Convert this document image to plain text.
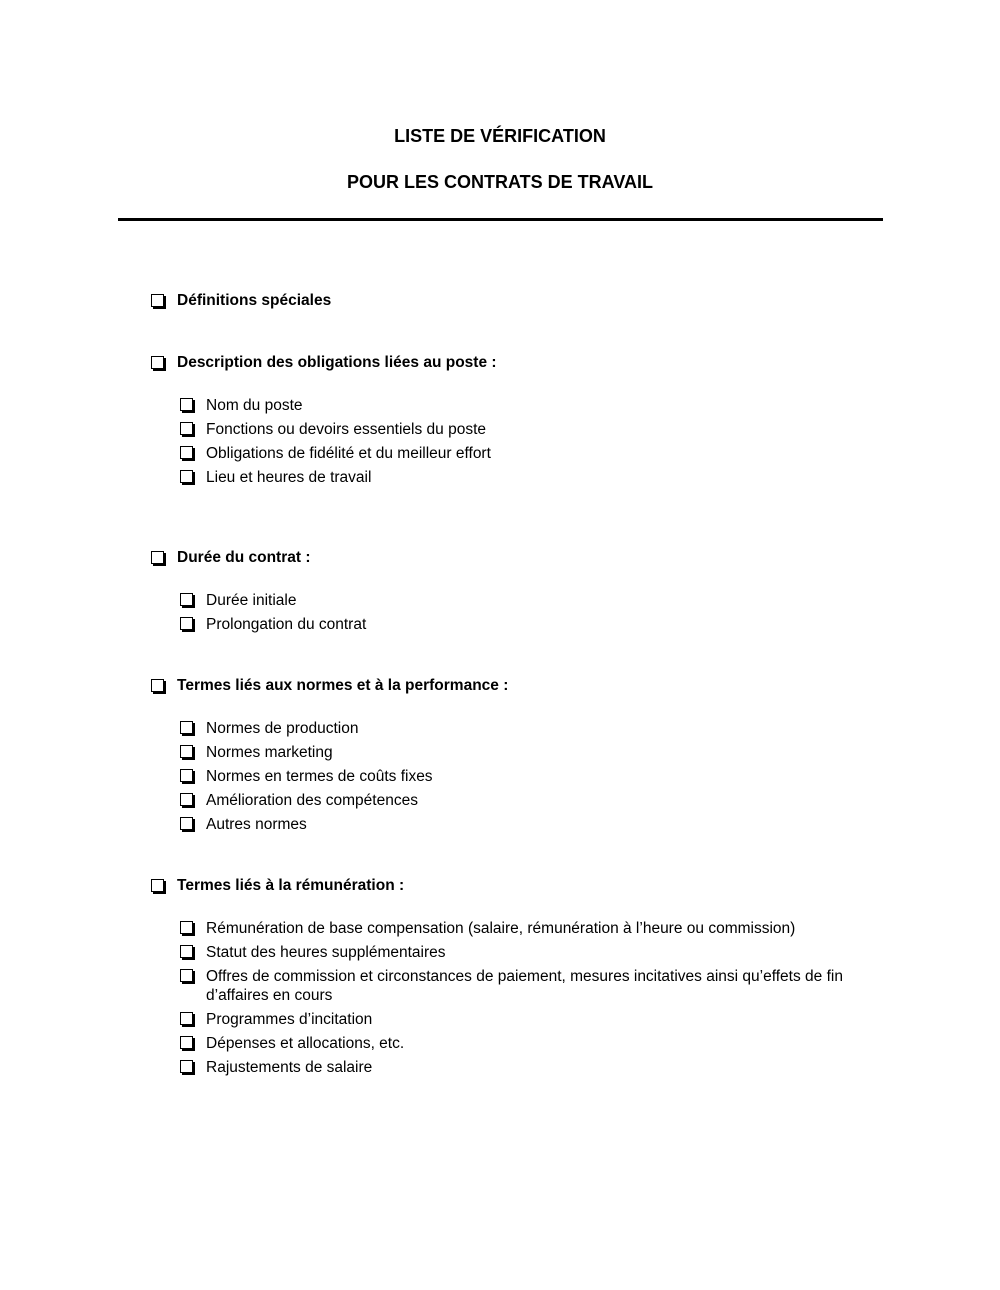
LISTE DE VÉRIFICATION
POUR LES CONTRATS DE TRAVAIL
Définitions spéciales
Description des obligations liées au poste :
Nom du poste
Fonctions ou devoirs essentiels du poste
Obligations de fidélité et du meilleur effort
Lieu et heures de travail
Durée du contrat :
Durée initiale
Prolongation du contrat
Termes liés aux normes et à la performance :
Normes de production
Normes marketing
Normes en termes de coûts fixes
Amélioration des compétences
Autres normes
Termes liés à la rémunération :
Rémunération de base compensation (salaire, rémunération à l’heure ou commission)
Statut des heures supplémentaires
Offres de commission et circonstances de paiement, mesures incitatives ainsi qu’effets de fin d’affaires en cours
Programmes d’incitation
Dépenses et allocations, etc.
Rajustements de salaire
